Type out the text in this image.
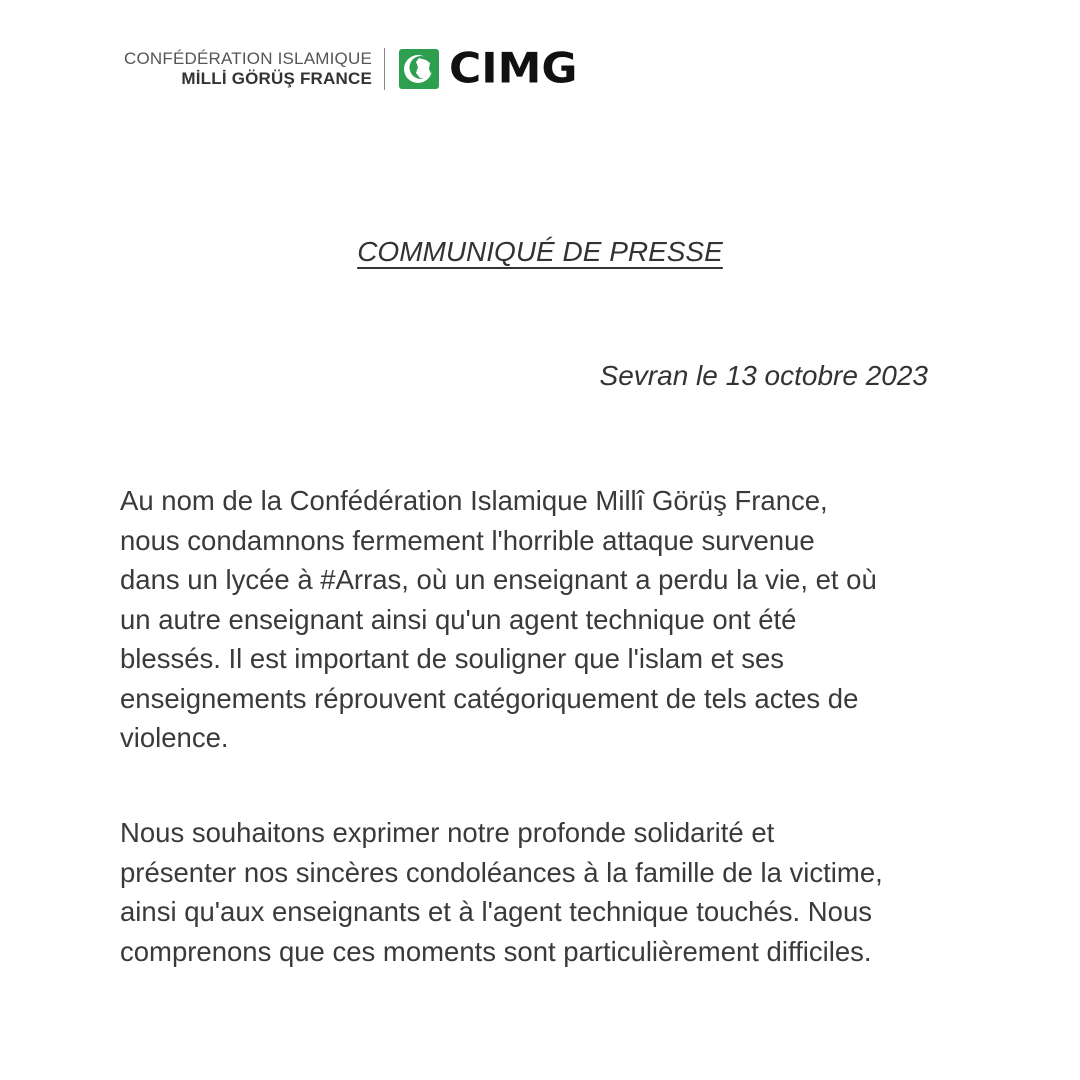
CONFÉDÉRATION ISLAMIQUE
MİLLİ GÖRÜŞ FRANCE CIMG
COMMUNIQUÉ DE PRESSE
Sevran le 13 octobre 2023

Au nom de la Confédération Islamique Millî Görüş France,
nous condamnons fermement l'horrible attaque survenue
dans un lycée à #Arras, où un enseignant a perdu la vie, et où
un autre enseignant ainsi qu'un agent technique ont été
blessés. Il est important de souligner que l'islam et ses
enseignements réprouvent catégoriquement de tels actes de
violence.

Nous souhaitons exprimer notre profonde solidarité et
présenter nos sincères condoléances à la famille de la victime,
ainsi qu'aux enseignants et à l'agent technique touchés. Nous
comprenons que ces moments sont particulièrement difficiles.
